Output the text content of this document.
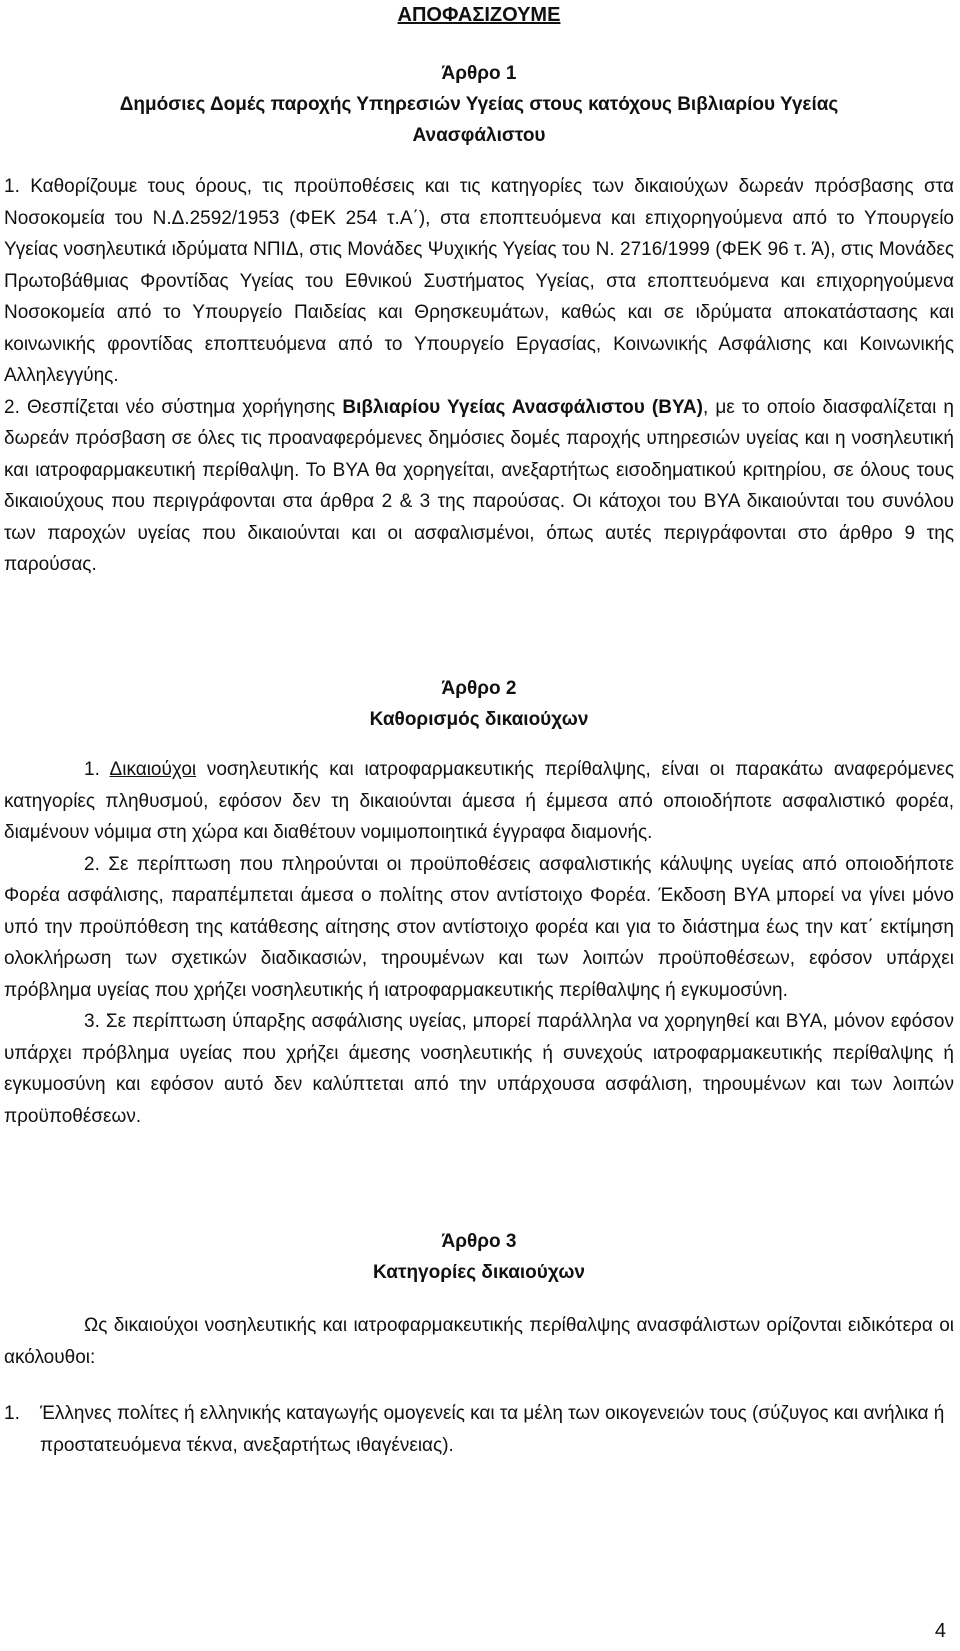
ΑΠΟΦΑΣΙΖΟΥΜΕ

Άρθρο 1

Δημόσιες Δομές παροχής Υπηρεσιών Υγείας στους κατόχους Βιβλιαρίου Υγείας Ανασφάλιστου

1. Καθορίζουμε τους όρους, τις προϋποθέσεις και τις κατηγορίες των δικαιούχων δωρεάν πρόσβασης στα Νοσοκομεία του Ν.Δ.2592/1953 (ΦΕΚ 254 τ.Α΄), στα εποπτευόμενα και επιχορηγούμενα από το Υπουργείο Υγείας νοσηλευτικά ιδρύματα ΝΠΙΔ, στις Μονάδες Ψυχικής Υγείας του Ν. 2716/1999 (ΦΕΚ 96 τ. Ά), στις Μονάδες Πρωτοβάθμιας Φροντίδας Υγείας του Εθνικού Συστήματος Υγείας, στα εποπτευόμενα και επιχορηγούμενα Νοσοκομεία από το Υπουργείο Παιδείας και Θρησκευμάτων, καθώς και σε ιδρύματα αποκατάστασης και κοινωνικής φροντίδας εποπτευόμενα από το Υπουργείο Εργασίας, Κοινωνικής Ασφάλισης και Κοινωνικής Αλληλεγγύης.

2. Θεσπίζεται νέο σύστημα χορήγησης Βιβλιαρίου Υγείας Ανασφάλιστου (ΒΥΑ), με το οποίο διασφαλίζεται η δωρεάν πρόσβαση σε όλες τις προαναφερόμενες δημόσιες δομές παροχής υπηρεσιών υγείας και η νοσηλευτική και ιατροφαρμακευτική περίθαλψη. Το ΒΥΑ θα χορηγείται, ανεξαρτήτως εισοδηματικού κριτηρίου, σε όλους τους δικαιούχους που περιγράφονται στα άρθρα 2 & 3 της παρούσας. Οι κάτοχοι του ΒΥΑ δικαιούνται του συνόλου των παροχών υγείας που δικαιούνται και οι ασφαλισμένοι, όπως αυτές περιγράφονται στο άρθρο 9 της παρούσας.

Άρθρο 2

Καθορισμός δικαιούχων

1. Δικαιούχοι νοσηλευτικής και ιατροφαρμακευτικής περίθαλψης, είναι οι παρακάτω αναφερόμενες κατηγορίες πληθυσμού, εφόσον δεν τη δικαιούνται άμεσα ή έμμεσα από οποιοδήποτε ασφαλιστικό φορέα, διαμένουν νόμιμα στη χώρα και διαθέτουν νομιμοποιητικά έγγραφα διαμονής.

2. Σε περίπτωση που πληρούνται οι προϋποθέσεις ασφαλιστικής κάλυψης υγείας από οποιοδήποτε Φορέα ασφάλισης, παραπέμπεται άμεσα ο πολίτης στον αντίστοιχο Φορέα. Έκδοση ΒΥΑ μπορεί να γίνει μόνο υπό την προϋπόθεση της κατάθεσης αίτησης στον αντίστοιχο φορέα και για το διάστημα έως την κατ΄ εκτίμηση ολοκλήρωση των σχετικών διαδικασιών, τηρουμένων και των λοιπών προϋποθέσεων, εφόσον υπάρχει πρόβλημα υγείας που χρήζει νοσηλευτικής ή ιατροφαρμακευτικής περίθαλψης ή εγκυμοσύνη.

3. Σε περίπτωση ύπαρξης ασφάλισης υγείας, μπορεί παράλληλα να χορηγηθεί και ΒΥΑ, μόνον εφόσον υπάρχει πρόβλημα υγείας που χρήζει άμεσης νοσηλευτικής ή συνεχούς ιατροφαρμακευτικής περίθαλψης ή εγκυμοσύνη και εφόσον αυτό δεν καλύπτεται από την υπάρχουσα ασφάλιση, τηρουμένων και των λοιπών προϋποθέσεων.

Άρθρο 3

Κατηγορίες δικαιούχων

Ως δικαιούχοι νοσηλευτικής και ιατροφαρμακευτικής περίθαλψης ανασφάλιστων ορίζονται ειδικότερα οι ακόλουθοι:

1.	Έλληνες πολίτες ή ελληνικής καταγωγής ομογενείς και τα μέλη των οικογενειών τους (σύζυγος και ανήλικα ή προστατευόμενα τέκνα, ανεξαρτήτως ιθαγένειας).
4
